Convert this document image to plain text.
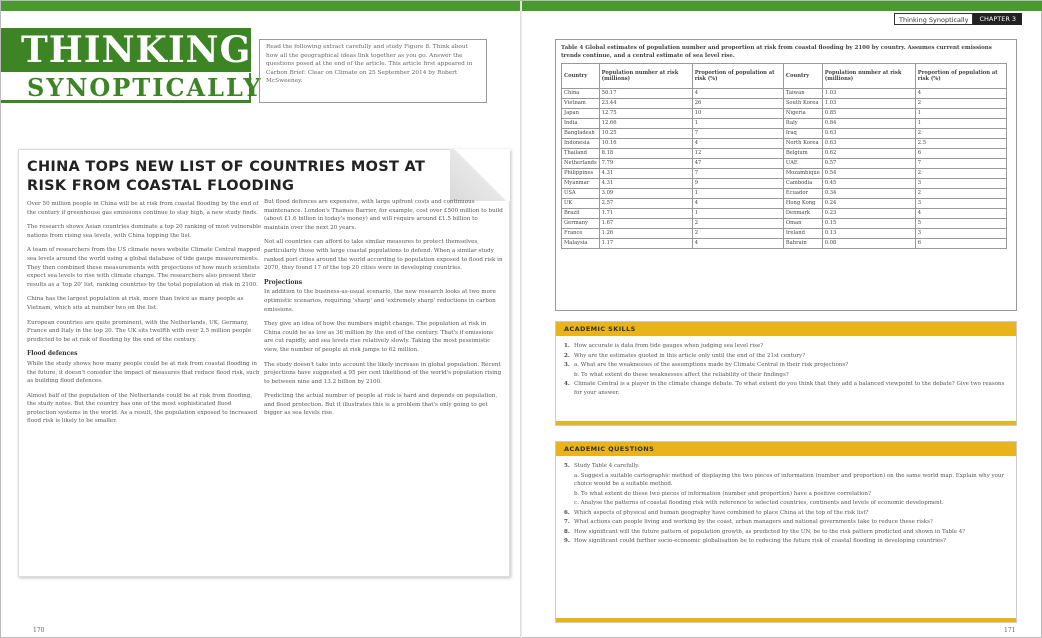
THINKING
SYNOPTICALLY
Read the following extract carefully and study Figure 8. Think about how all the geographical ideas link together as you go. Answer the questions posed at the end of the article. This article first appeared in Carbon Brief: Clear on Climate on 25 September 2014 by Robert McSweeney.
CHINA TOPS NEW LIST OF COUNTRIES MOST AT RISK FROM COASTAL FLOODING

Over 50 million people in China will be at risk from coastal flooding by the end of the century if greenhouse gas emissions continue to stay high, a new study finds.

The research shows Asian countries dominate a top 20 ranking of most vulnerable nations from rising sea levels, with China topping the list.

A team of researchers from the US climate news website Climate Central mapped sea levels around the world using a global database of tide gauge measurements. They then combined these measurements with projections of how much scientists expect sea levels to rise with climate change. The researchers also present their results as a 'top 20' list, ranking countries by the total population at risk in 2100.

China has the largest population at risk, more than twice as many people as Vietnam, which sits at number two on the list.

European countries are quite prominent, with the Netherlands, UK, Germany, France and Italy in the top 20. The UK sits twelfth with over 2.5 million people predicted to be at risk of flooding by the end of the century.

Flood defences

While the study shows how many people could be at risk from coastal flooding in the future, it doesn't consider the impact of measures that reduce flood risk, such as building flood defences.

Almost half of the population of the Netherlands could be at risk from flooding, the study notes. But the country has one of the most sophisticated flood protection systems in the world. As a result, the population exposed to increased flood risk is likely to be smaller.

But flood defences are expensive, with large upfront costs and continuous maintenance. London's Thames Barrier, for example, cost over £500 million to build (about £1.6 billion in today's money) and will require around £1.5 billion to maintain over the next 20 years.

Not all countries can afford to take similar measures to protect themselves, particularly those with large coastal populations to defend. When a similar study ranked port cities around the world according to population exposed to flood risk in 2070, they found 17 of the top 20 cities were in developing countries.

Projections

In addition to the business-as-usual scenario, the new research looks at two more optimistic scenarios, requiring 'sharp' and 'extremely sharp' reductions in carbon emissions.

They give an idea of how the numbers might change. The population at risk in China could be as low as 36 million by the end of the century. That's if emissions are cut rapidly, and sea levels rise relatively slowly. Taking the most pessimistic view, the number of people at risk jumps to 62 million.

The study doesn't take into account the likely increase in global population. Recent projections have suggested a 95 per cent likelihood of the world's population rising to between nine and 13.2 billion by 2100.

Predicting the actual number of people at risk is hard and depends on population, and flood protection. But it illustrates this is a problem that's only going to get bigger as sea levels rise.

170
Thinking Synoptically	CHAPTER 3
Table 4 Global estimates of population number and proportion at risk from coastal flooding by 2100 by country. Assumes current emissions trends continue, and a central estimate of sea level rise.
Country	Population number at risk (millions)	Proportion of population at risk (%)	Country	Population number at risk (millions)	Proportion of population at risk (%)
China	50.17	4	Taiwan	1.03	4
Vietnam	23.44	26	South Korea	1.03	2
Japan	12.75	10	Nigeria	0.85	1
India	12.66	1	Italy	0.84	1
Bangladesh	10.25	7	Iraq	0.63	2
Indonesia	10.16	4	North Korea	0.63	2.5
Thailand	8.18	12	Belgium	0.62	6
Netherlands	7.79	47	UAE	0.57	7
Philippines	4.31	7	Mozambique	0.54	2
Myanmar	4.31	9	Cambodia	0.45	3
USA	3.09	1	Ecuador	0.34	2
UK	2.57	4	Hong Kong	0.24	3
Brazil	1.71	1	Denmark	0.23	4
Germany	1.67	2	Oman	0.15	5
France	1.26	2	Ireland	0.13	3
Malaysia	1.17	4	Bahrain	0.08	6
ACADEMIC SKILLS
1. How accurate is data from tide gauges when judging sea level rise?
2. Why are the estimates quoted in this article only until the end of the 21st century?
3. a. What are the weaknesses of the assumptions made by Climate Central in their risk projections?
b. To what extent do these weaknesses affect the reliability of their findings?
4. Climate Central is a player in the climate change debate. To what extent do you think that they add a balanced viewpoint to the debate? Give two reasons for your answer.
ACADEMIC QUESTIONS
5. Study Table 4 carefully.
a. Suggest a suitable cartographic method of displaying the two pieces of information (number and proportion) on the same world map. Explain why your choice would be a suitable method.
b. To what extent do these two pieces of information (number and proportion) have a positive correlation?
c. Analyse the patterns of coastal flooding risk with reference to selected countries, continents and levels of economic development.
6. Which aspects of physical and human geography have combined to place China at the top of the risk list?
7. What actions can people living and working by the coast, urban managers and national governments take to reduce these risks?
8. How significant will the future pattern of population growth, as predicted by the UN, be to the risk pattern predicted and shown in Table 4?
9. How significant could further socio-economic globalisation be to reducing the future risk of coastal flooding in developing countries?
171
